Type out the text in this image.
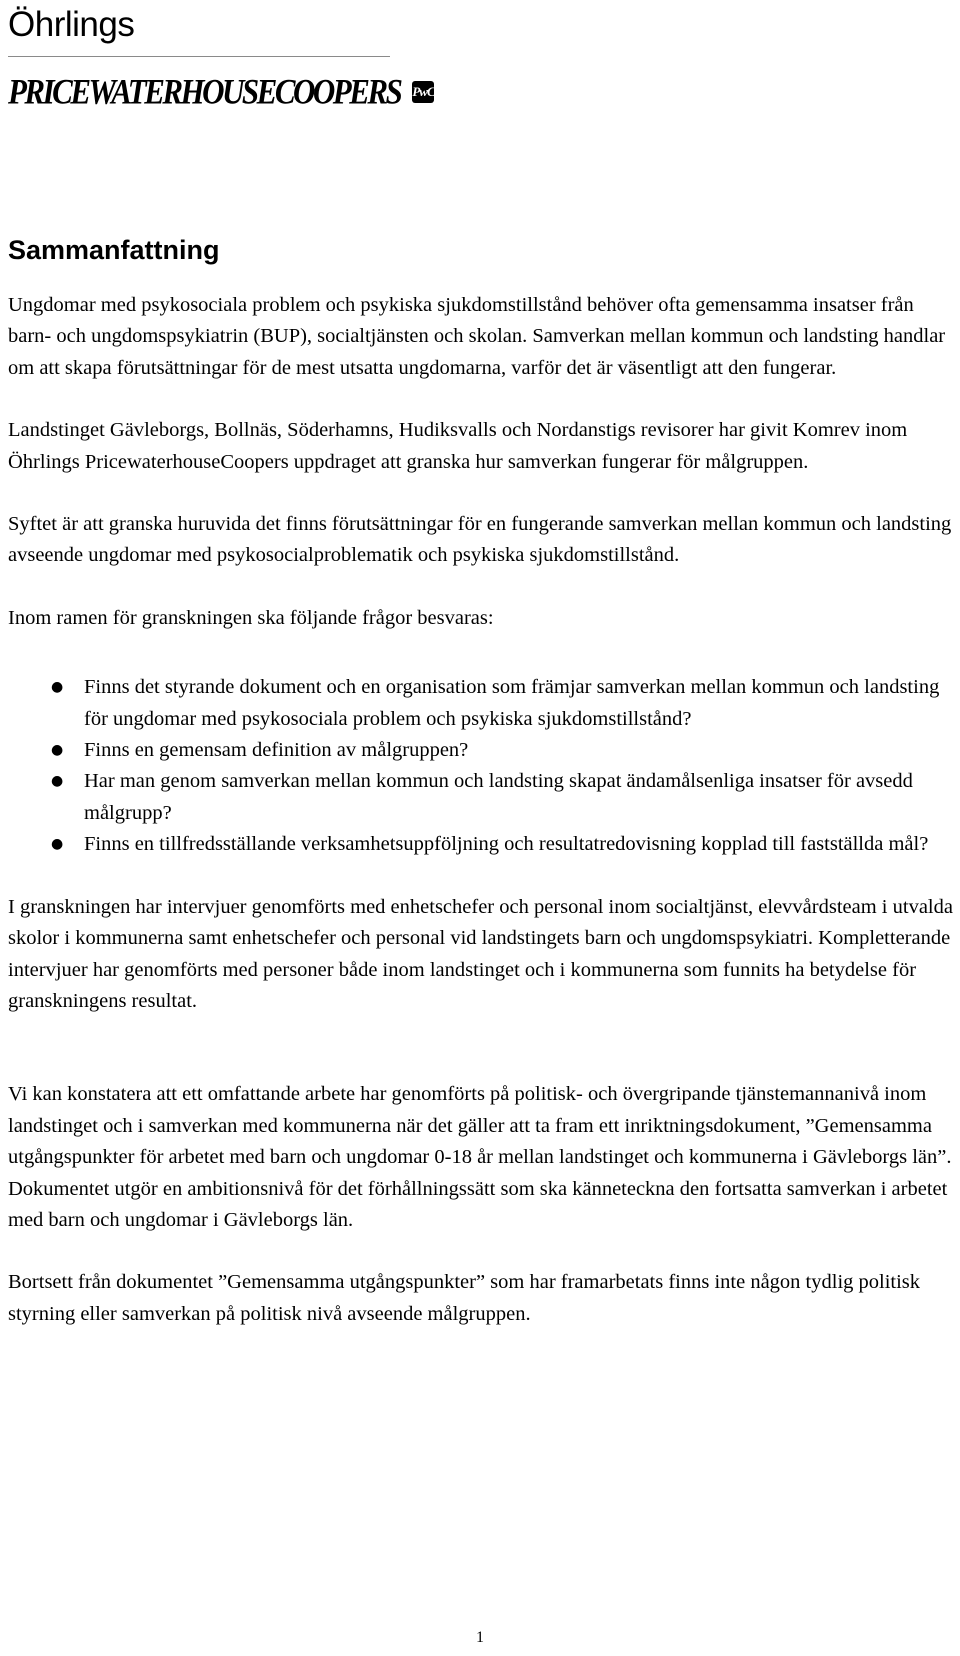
Öhrlings
PRICEWATERHOUSECOOPERS PwC
Sammanfattning

Ungdomar med psykosociala problem och psykiska sjukdomstillstånd behöver ofta gemensamma insatser från barn- och ungdomspsykiatrin (BUP), socialtjänsten och skolan. Samverkan mellan kommun och landsting handlar om att skapa förutsättningar för de mest utsatta ungdomarna, varför det är väsentligt att den fungerar.

Landstinget Gävleborgs, Bollnäs, Söderhamns, Hudiksvalls och Nordanstigs revisorer har givit Komrev inom Öhrlings PricewaterhouseCoopers uppdraget att granska hur samverkan fungerar för målgruppen.

Syftet är att granska huruvida det finns förutsättningar för en fungerande samverkan mellan kommun och landsting avseende ungdomar med psykosocialproblematik och psykiska sjukdomstillstånd.

Inom ramen för granskningen ska följande frågor besvaras:

● Finns det styrande dokument och en organisation som främjar samverkan mellan kommun och landsting för ungdomar med psykosociala problem och psykiska sjukdomstillstånd?
● Finns en gemensam definition av målgruppen?
● Har man genom samverkan mellan kommun och landsting skapat ändamålsenliga insatser för avsedd målgrupp?
● Finns en tillfredsställande verksamhetsuppföljning och resultatredovisning kopplad till fastställda mål?

I granskningen har intervjuer genomförts med enhetschefer och personal inom socialtjänst, elevvårdsteam i utvalda skolor i kommunerna samt enhetschefer och personal vid landstingets barn och ungdomspsykiatri. Kompletterande intervjuer har genomförts med personer både inom landstinget och i kommunerna som funnits ha betydelse för granskningens resultat.

Vi kan konstatera att ett omfattande arbete har genomförts på politisk- och övergripande tjänstemannanivå inom landstinget och i samverkan med kommunerna när det gäller att ta fram ett inriktningsdokument, ”Gemensamma utgångspunkter för arbetet med barn och ungdomar 0-18 år mellan landstinget och kommunerna i Gävleborgs län”. Dokumentet utgör en ambitionsnivå för det förhållningssätt som ska känneteckna den fortsatta samverkan i arbetet med barn och ungdomar i Gävleborgs län.

Bortsett från dokumentet ”Gemensamma utgångspunkter” som har framarbetats finns inte någon tydlig politisk styrning eller samverkan på politisk nivå avseende målgruppen.

1
